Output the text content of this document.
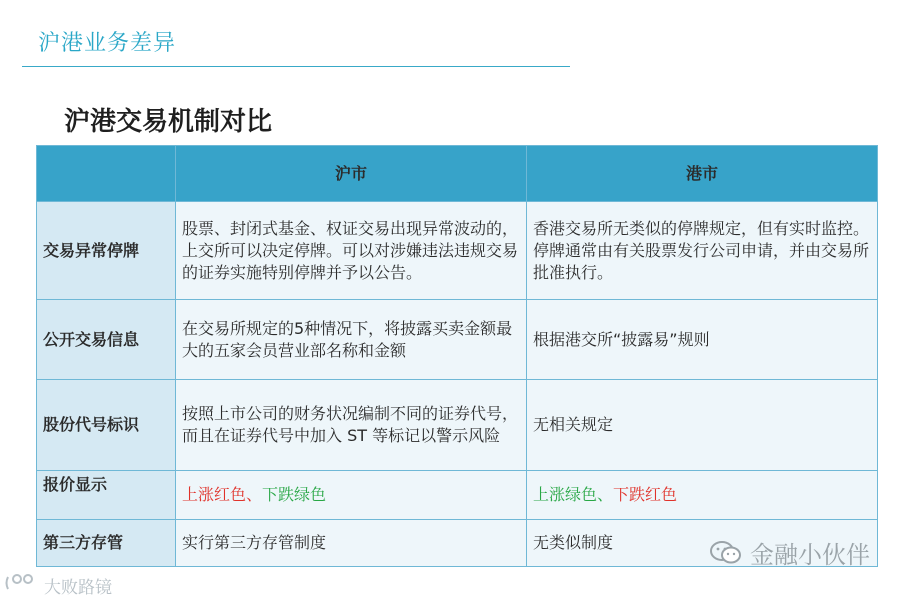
沪港业务差异
沪港交易机制对比
	沪市	港市
交易异常停牌	股票、封闭式基金、权证交易出现异常波动的，上交所可以决定停牌。可以对涉嫌违法违规交易的证券实施特别停牌并予以公告。	香港交易所无类似的停牌规定，但有实时监控。停牌通常由有关股票发行公司申请，并由交易所批准执行。
公开交易信息	在交易所规定的5种情况下，将披露买卖金额最大的五家会员营业部名称和金额	根据港交所“披露易”规则
股份代号标识	按照上市公司的财务状况编制不同的证券代号，而且在证券代号中加入 ST 等标记以警示风险	无相关规定
报价显示	上涨红色、下跌绿色	上涨绿色、下跌红色
第三方存管	实行第三方存管制度	无类似制度	金融小伙伴
大败路镜
